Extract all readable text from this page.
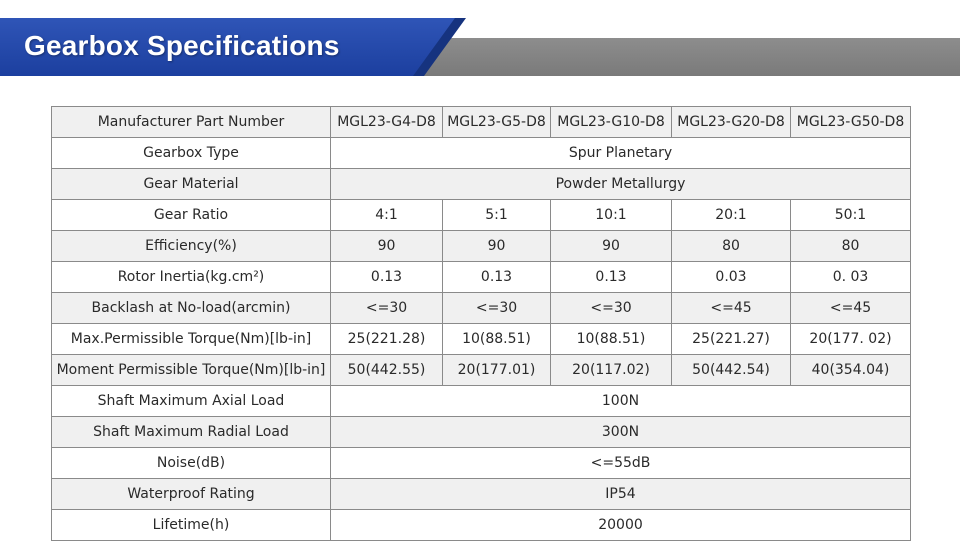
Gearbox Specifications
Manufacturer Part Number	MGL23-G4-D8	MGL23-G5-D8	MGL23-G10-D8	MGL23-G20-D8	MGL23-G50-D8
Gearbox Type	Spur Planetary				
Gear Material	Powder Metallurgy				
Gear Ratio	4:1	5:1	10:1	20:1	50:1
Efficiency(%)	90	90	90	80	80
Rotor Inertia(kg.cm²)	0.13	0.13	0.13	0.03	0. 03
Backlash at No-load(arcmin)	<=30	<=30	<=30	<=45	<=45
Max.Permissible Torque(Nm)[lb-in]	25(221.28)	10(88.51)	10(88.51)	25(221.27)	20(177. 02)
Moment Permissible Torque(Nm)[lb-in]	50(442.55)	20(177.01)	20(117.02)	50(442.54)	40(354.04)
Shaft Maximum Axial Load	100N				
Shaft Maximum Radial Load	300N				
Noise(dB)	<=55dB				
Waterproof Rating	IP54				
Lifetime(h)	20000				
